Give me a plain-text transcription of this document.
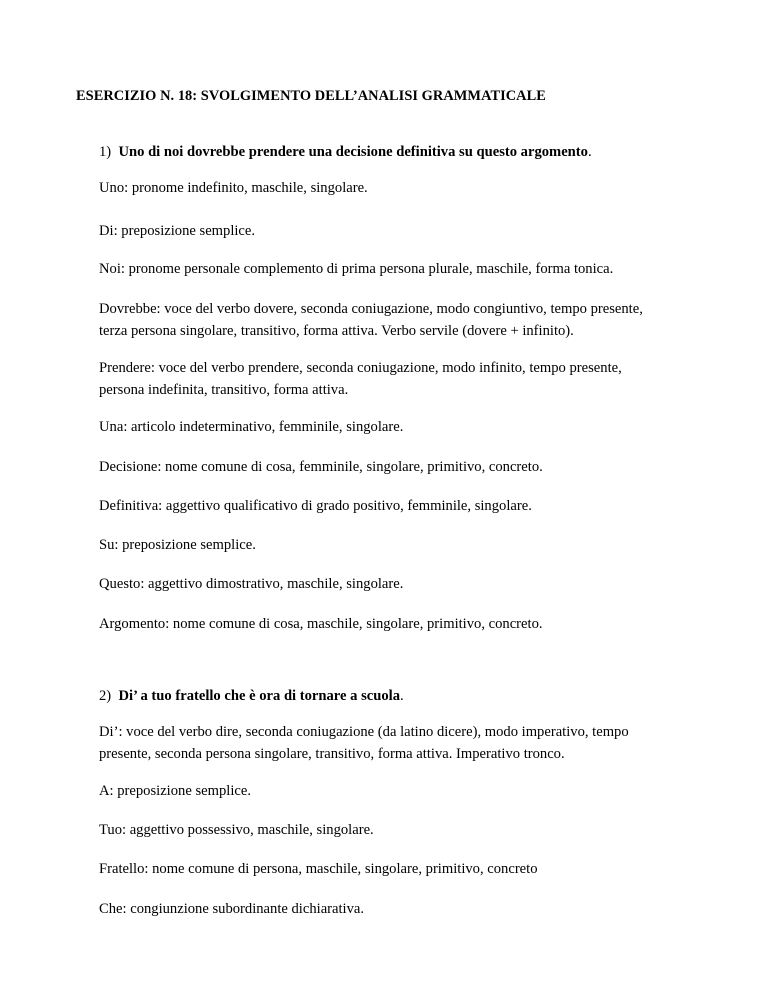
ESERCIZIO N. 18: SVOLGIMENTO DELL’ANALISI GRAMMATICALE
1) Uno di noi dovrebbe prendere una decisione definitiva su questo argomento.
Uno: pronome indefinito, maschile, singolare.
Di: preposizione semplice.
Noi: pronome personale complemento di prima persona plurale, maschile, forma tonica.
Dovrebbe: voce del verbo dovere, seconda coniugazione, modo congiuntivo, tempo presente,
terza persona singolare, transitivo, forma attiva. Verbo servile (dovere + infinito).
Prendere: voce del verbo prendere, seconda coniugazione, modo infinito, tempo presente,
persona indefinita, transitivo, forma attiva.
Una: articolo indeterminativo, femminile, singolare.
Decisione: nome comune di cosa, femminile, singolare, primitivo, concreto.
Definitiva: aggettivo qualificativo di grado positivo, femminile, singolare.
Su: preposizione semplice.
Questo: aggettivo dimostrativo, maschile, singolare.
Argomento: nome comune di cosa, maschile, singolare, primitivo, concreto.
2) Di’ a tuo fratello che è ora di tornare a scuola.
Di’: voce del verbo dire, seconda coniugazione (da latino dicere), modo imperativo, tempo
presente, seconda persona singolare, transitivo, forma attiva. Imperativo tronco.
A: preposizione semplice.
Tuo: aggettivo possessivo, maschile, singolare.
Fratello: nome comune di persona, maschile, singolare, primitivo, concreto
Che: congiunzione subordinante dichiarativa.
